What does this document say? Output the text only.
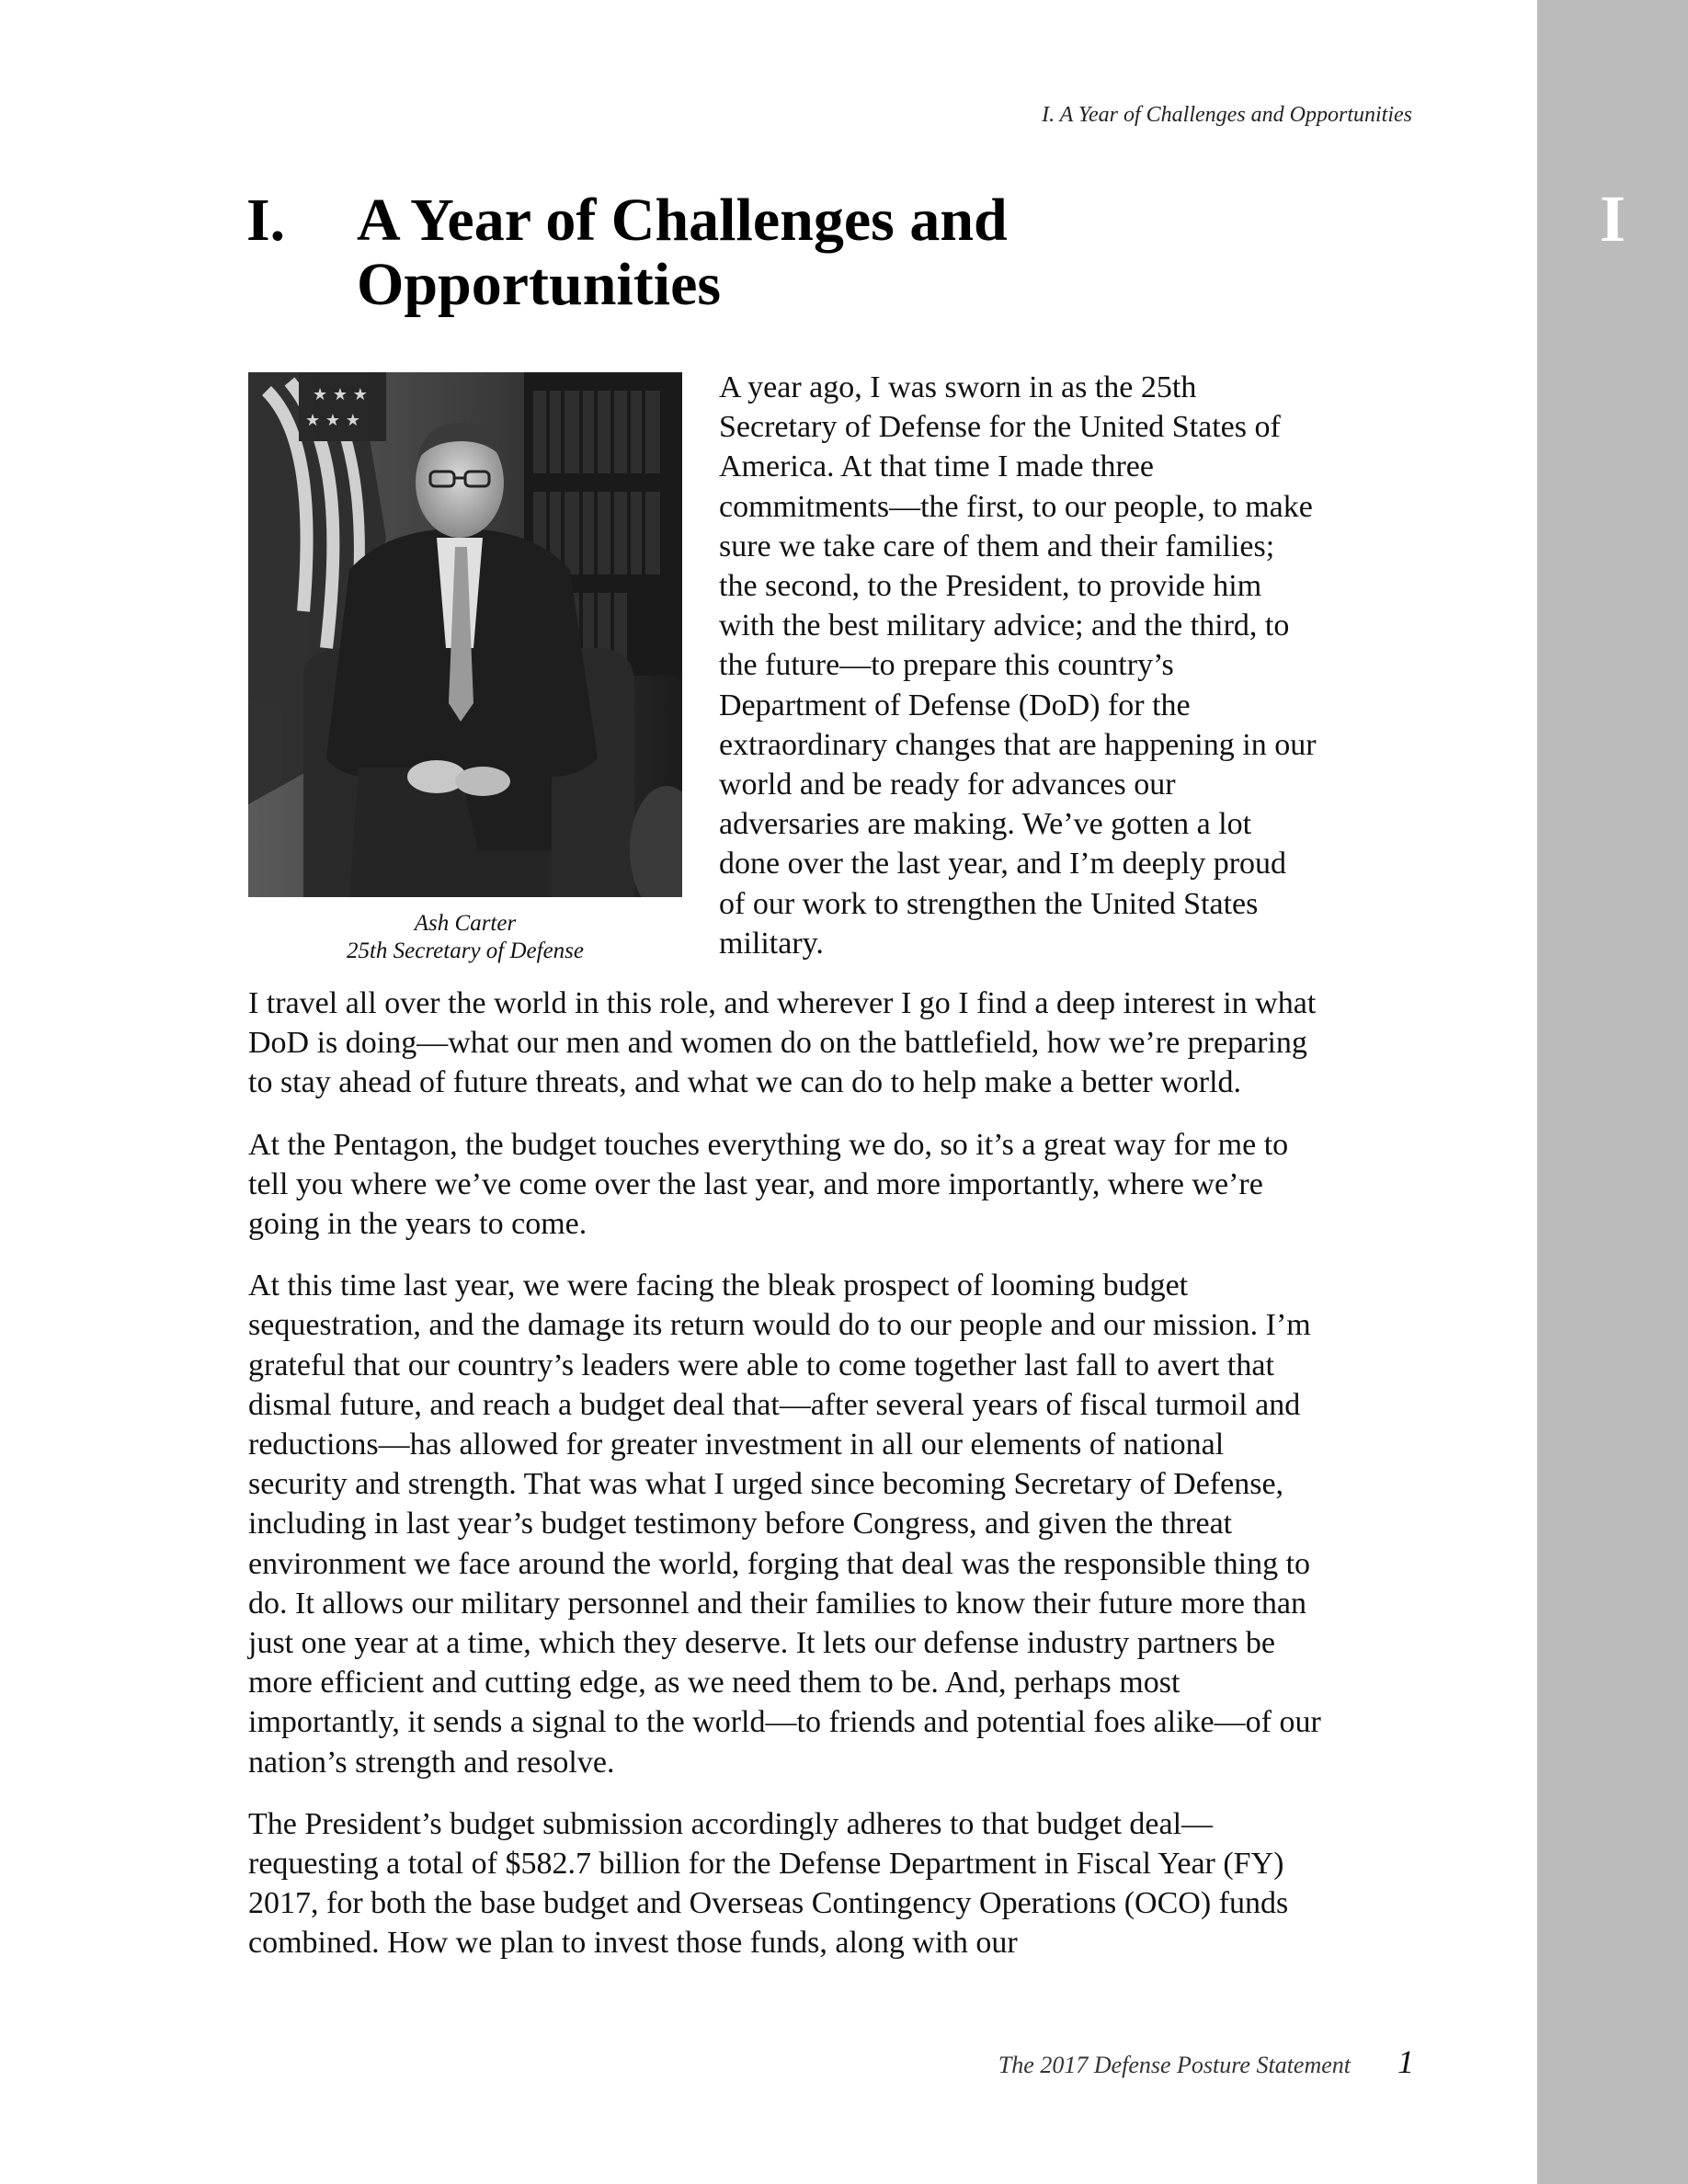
I
I. A Year of Challenges and Opportunities
I.	A Year of Challenges and
Opportunities
★ ★ ★
★ ★ ★
Ash Carter
25th Secretary of Defense

A year ago, I was sworn in as the 25th Secretary of Defense for the United States of America. At that time I made three commitments—the first, to our people, to make sure we take care of them and their families; the second, to the President, to provide him with the best military advice; and the third, to the future—to prepare this country’s Department of Defense (DoD) for the extraordinary changes that are happening in our world and be ready for advances our adversaries are making. We’ve gotten a lot done over the last year, and I’m deeply proud of our work to strengthen the United States military.

I travel all over the world in this role, and wherever I go I find a deep interest in what DoD is doing—what our men and women do on the battlefield, how we’re preparing to stay ahead of future threats, and what we can do to help make a better world.

At the Pentagon, the budget touches everything we do, so it’s a great way for me to tell you where we’ve come over the last year, and more importantly, where we’re going in the years to come.

At this time last year, we were facing the bleak prospect of looming budget sequestration, and the damage its return would do to our people and our mission. I’m grateful that our country’s leaders were able to come together last fall to avert that dismal future, and reach a budget deal that—after several years of fiscal turmoil and reductions—has allowed for greater investment in all our elements of national security and strength. That was what I urged since becoming Secretary of Defense, including in last year’s budget testimony before Congress, and given the threat environment we face around the world, forging that deal was the responsible thing to do. It allows our military personnel and their families to know their future more than just one year at a time, which they deserve. It lets our defense industry partners be more efficient and cutting edge, as we need them to be. And, perhaps most importantly, it sends a signal to the world—to friends and potential foes alike—of our nation’s strength and resolve.

The President’s budget submission accordingly adheres to that budget deal—requesting a total of $582.7 billion for the Defense Department in Fiscal Year (FY) 2017, for both the base budget and Overseas Contingency Operations (OCO) funds combined. How we plan to invest those funds, along with our

The 2017 Defense Posture Statement 1
